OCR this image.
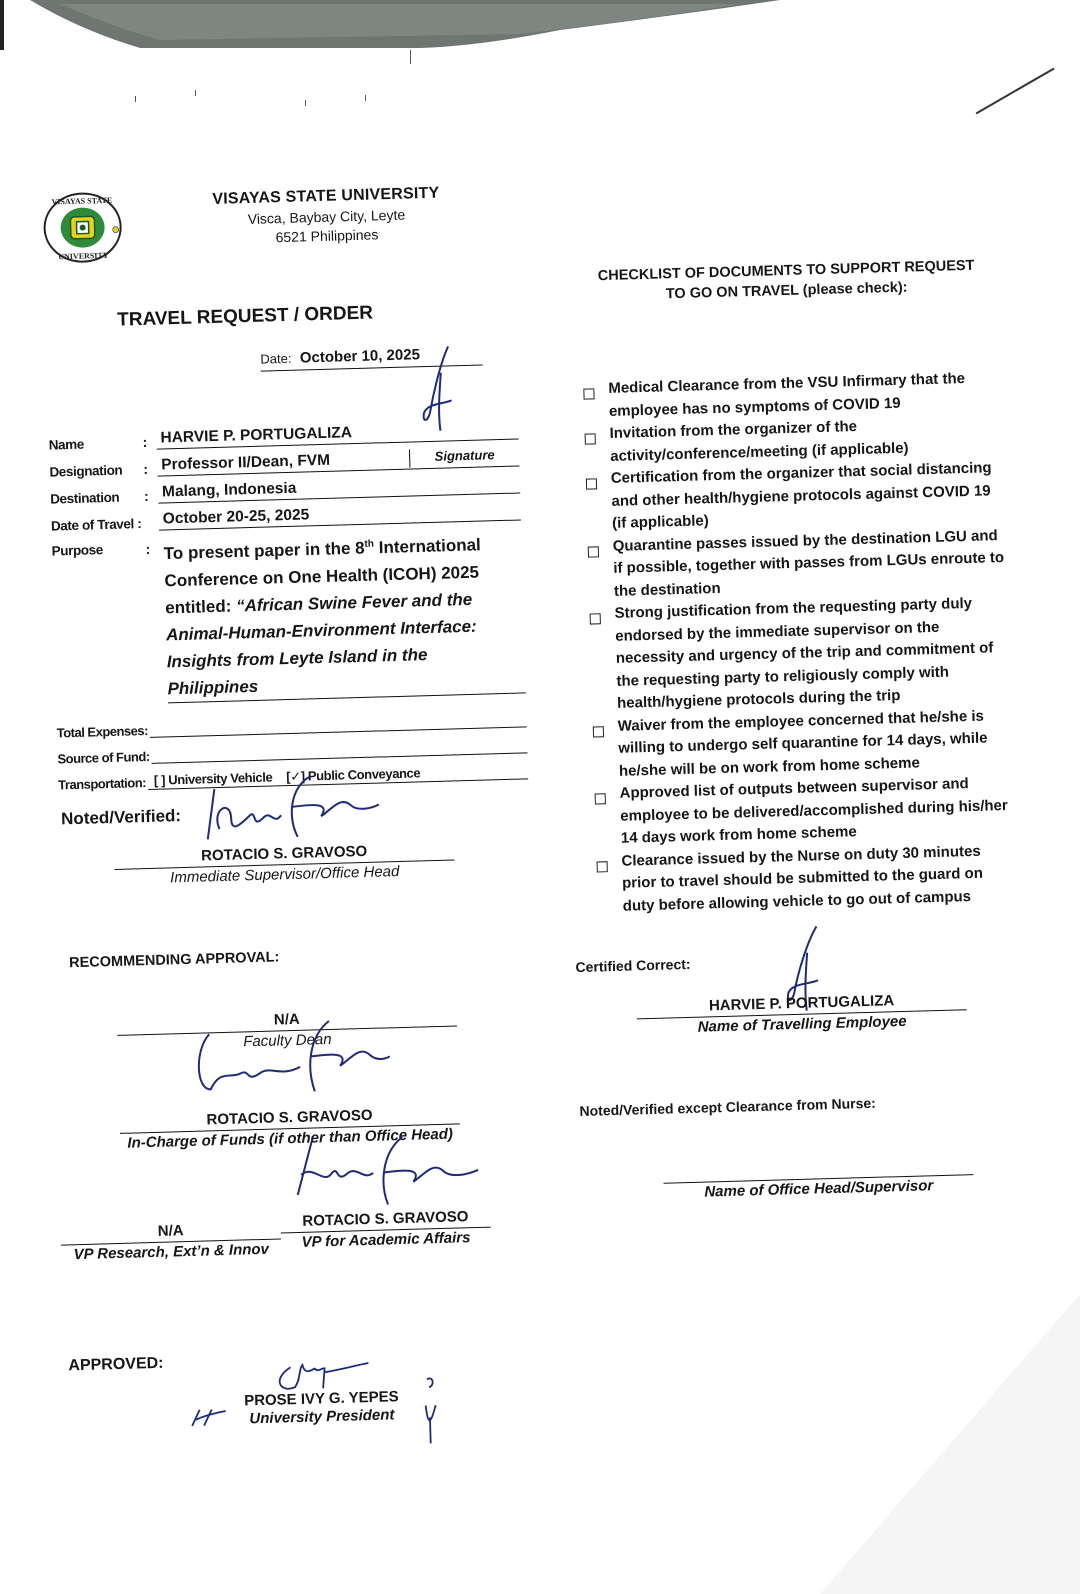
VISAYAS STATE
UNIVERSITY
VISAYAS STATE UNIVERSITY
Visca, Baybay City, Leyte
6521 Philippines
TRAVEL REQUEST / ORDER
Date: October 10, 2025
Name	: HARVIE P. PORTUGALIZA
Designation	: Professor II/Dean, FVM	Signature
Destination	: Malang, Indonesia
Date of Travel : October 20-25, 2025
Purpose	: To present paper in the 8th International Conference on One Health (ICOH) 2025 entitled: “African Swine Fever and the Animal-Human-Environment Interface: Insights from Leyte Island in the Philippines
Total Expenses:
Source of Fund:
Transportation: [ ] University Vehicle [✓] Public Conveyance
Noted/Verified:
ROTACIO S. GRAVOSO
Immediate Supervisor/Office Head
RECOMMENDING APPROVAL:
N/A
Faculty Dean
ROTACIO S. GRAVOSO
In-Charge of Funds (if other than Office Head)
N/A
VP Research, Ext’n & Innov
ROTACIO S. GRAVOSO
VP for Academic Affairs
APPROVED:
PROSE IVY G. YEPES
University President
CHECKLIST OF DOCUMENTS TO SUPPORT REQUEST
TO GO ON TRAVEL (please check):
Medical Clearance from the VSU Infirmary that the employee has no symptoms of COVID 19
Invitation from the organizer of the activity/conference/meeting (if applicable)
Certification from the organizer that social distancing and other health/hygiene protocols against COVID 19 (if applicable)
Quarantine passes issued by the destination LGU and if possible, together with passes from LGUs enroute to the destination
Strong justification from the requesting party duly endorsed by the immediate supervisor on the necessity and urgency of the trip and commitment of the requesting party to religiously comply with health/hygiene protocols during the trip
Waiver from the employee concerned that he/she is willing to undergo self quarantine for 14 days, while he/she will be on work from home scheme
Approved list of outputs between supervisor and employee to be delivered/accomplished during his/her 14 days work from home scheme
Clearance issued by the Nurse on duty 30 minutes prior to travel should be submitted to the guard on duty before allowing vehicle to go out of campus
Certified Correct:
HARVIE P. PORTUGALIZA
Name of Travelling Employee
Noted/Verified except Clearance from Nurse:
Name of Office Head/Supervisor
